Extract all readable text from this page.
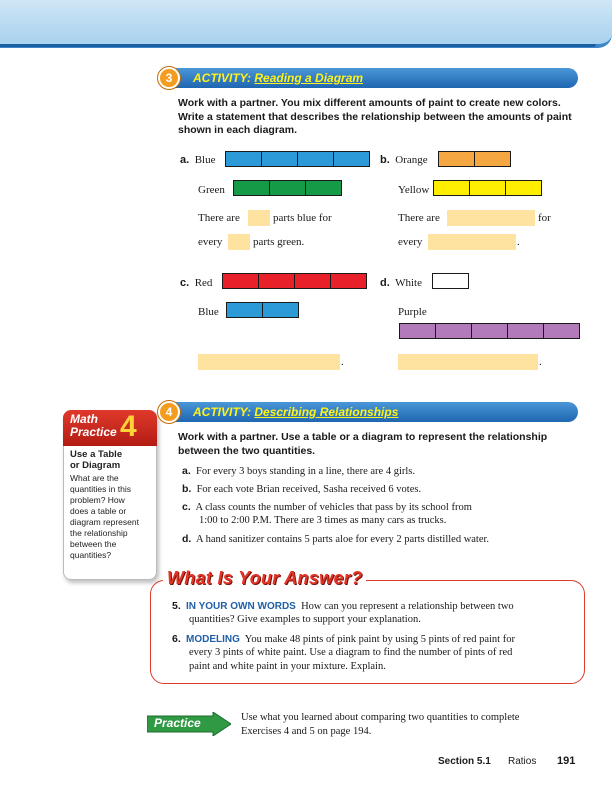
3	ACTIVITY: Reading a Diagram
Work with a partner. You mix different amounts of paint to create new colors. Write a statement that describes the relationship between the amounts of paint shown in each diagram.
a. Blue
Green
There are	parts blue for
every	parts green.
b. Orange
Yellow
There are	for
every	.
c. Red
Blue
.
d. White
Purple
.
Math
Practice 4
Use a Table
or Diagram
What are the
quantities in this
problem? How
does a table or
diagram represent
the relationship
between the
quantities?
4	ACTIVITY: Describing Relationships
Work with a partner. Use a table or a diagram to represent the relationship between the two quantities.
a. For every 3 boys standing in a line, there are 4 girls.
b. For each vote Brian received, Sasha received 6 votes.
c. A class counts the number of vehicles that pass by its school from
1:00 to 2:00 P.M. There are 3 times as many cars as trucks.
d. A hand sanitizer contains 5 parts aloe for every 2 parts distilled water.
What Is Your Answer?
5. IN YOUR OWN WORDS How can you represent a relationship between two
quantities? Give examples to support your explanation.
6. MODELING You make 48 pints of pink paint by using 5 pints of red paint for
every 3 pints of white paint. Use a diagram to find the number of pints of red
paint and white paint in your mixture. Explain.
Practice	Use what you learned about comparing two quantities to complete
Exercises 4 and 5 on page 194.
Section 5.1 Ratios 191
